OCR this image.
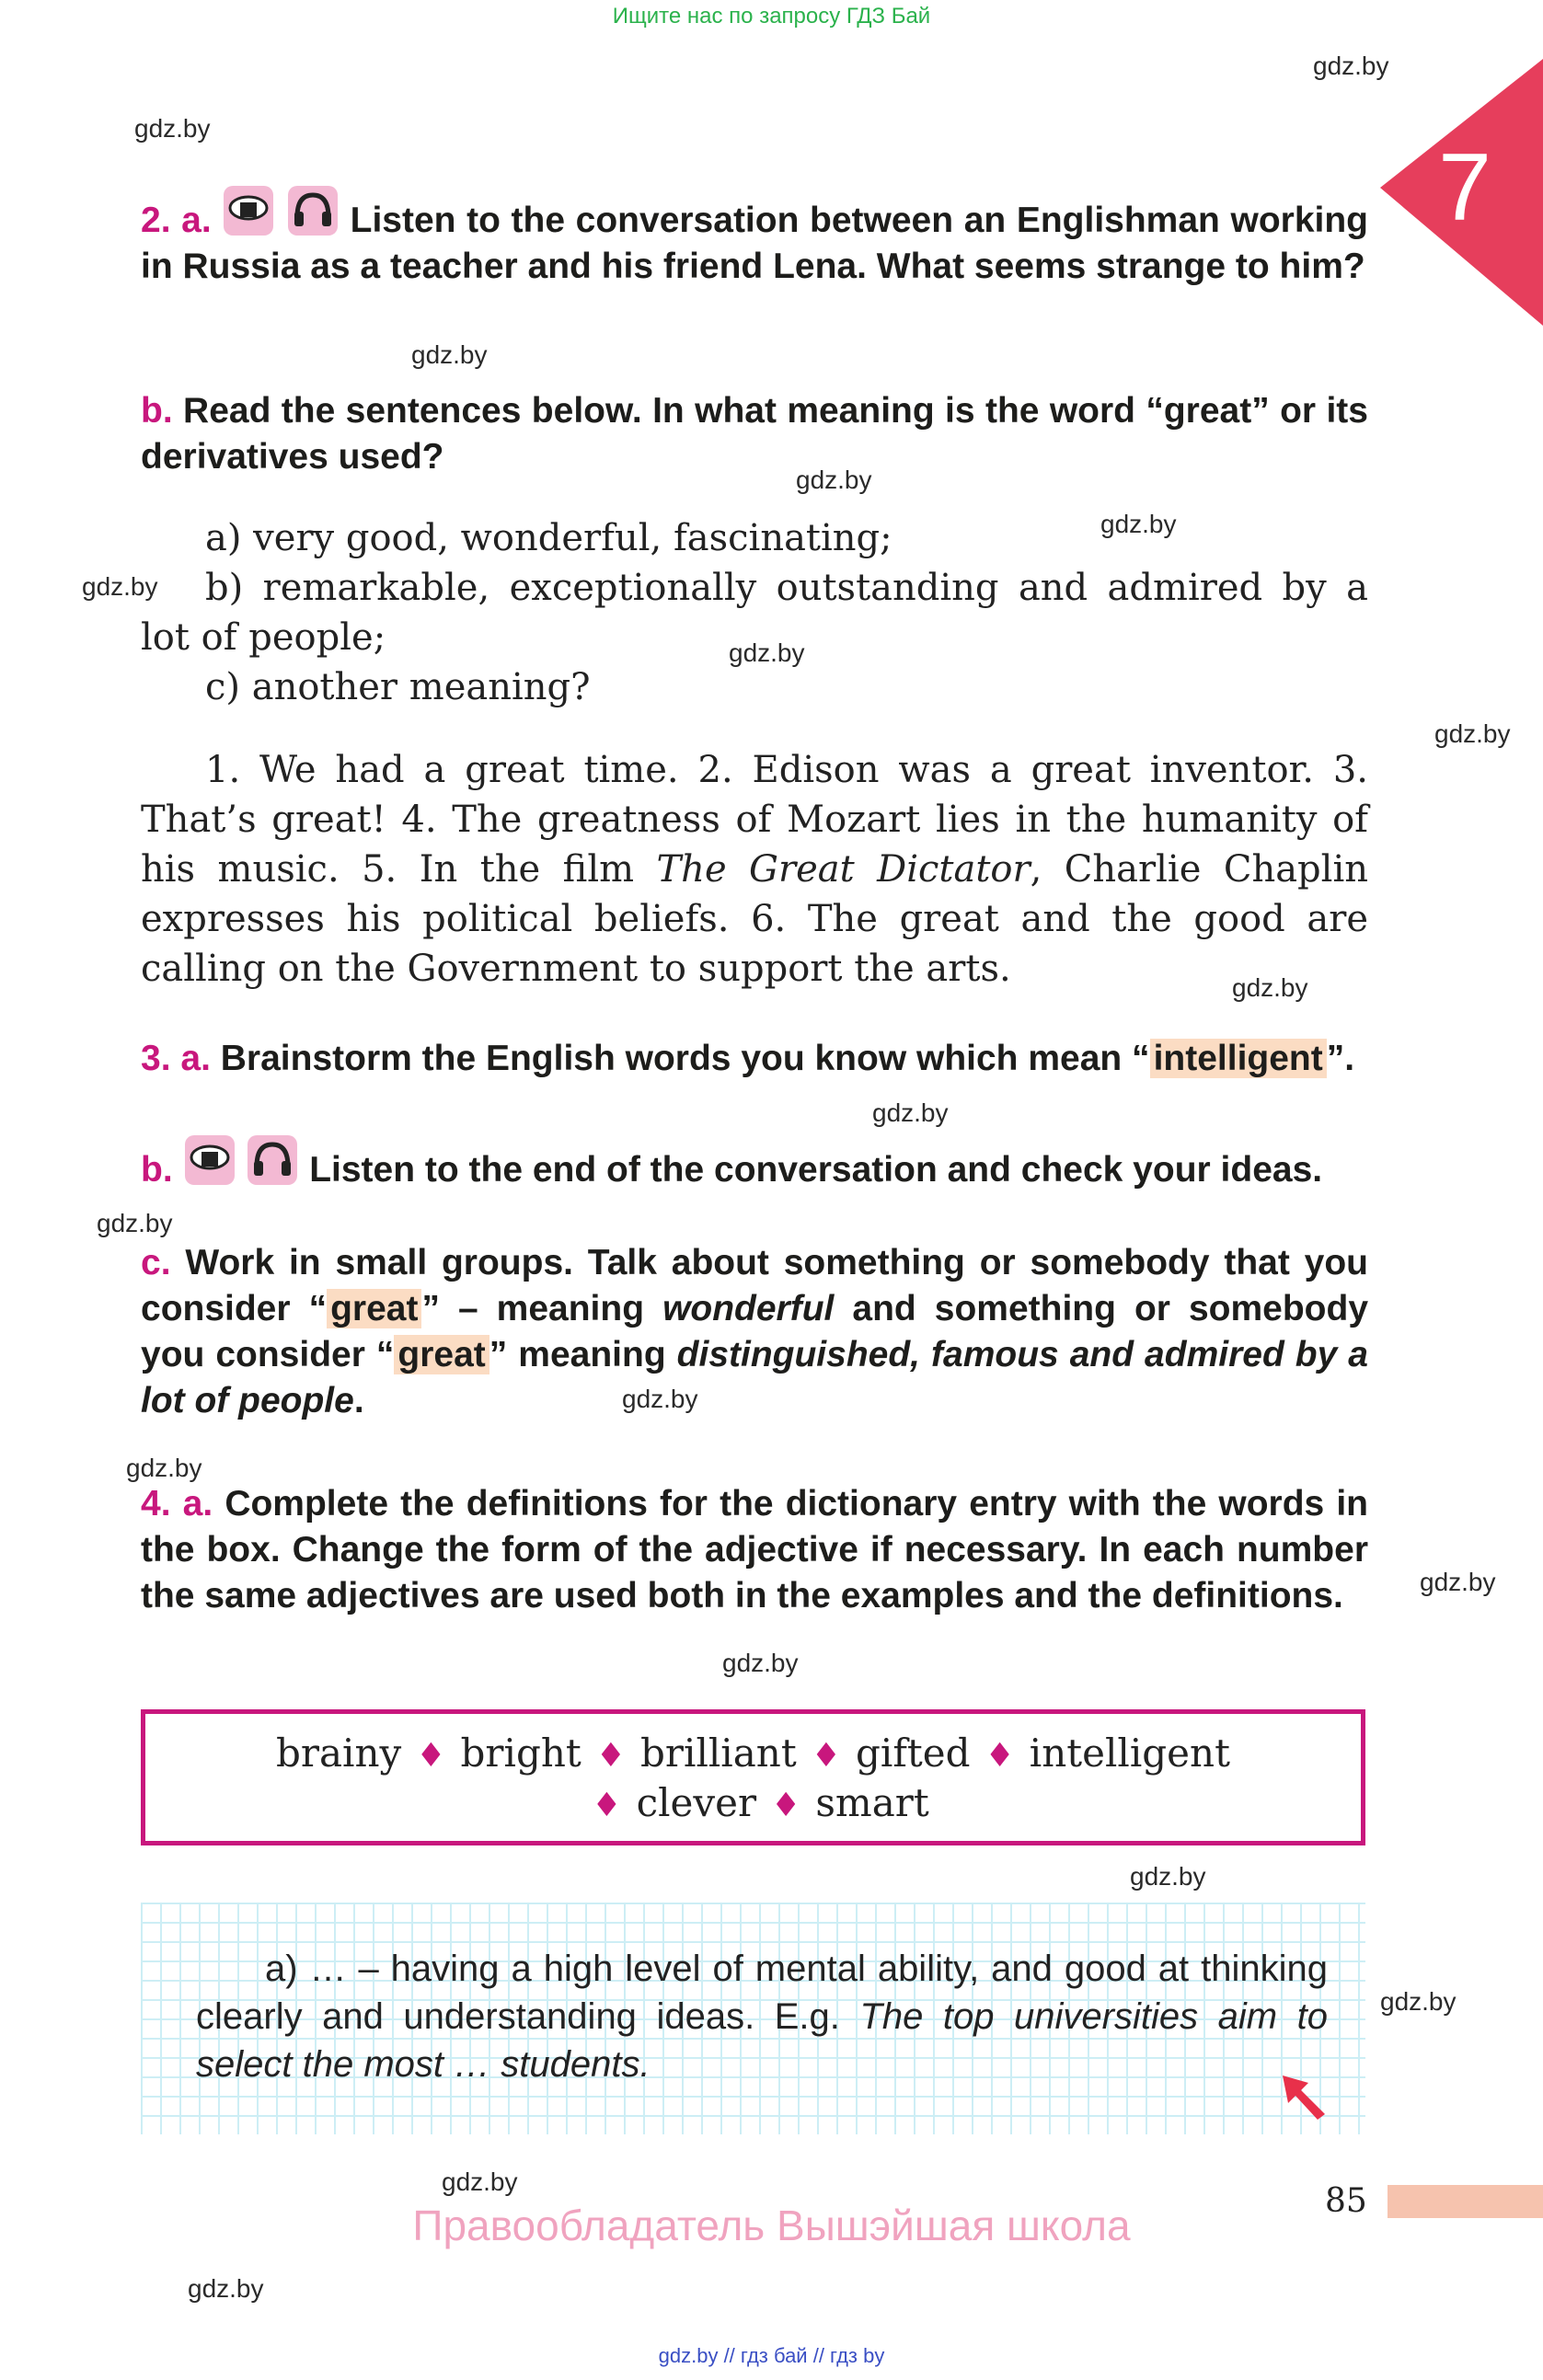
Ищите нас по запросу ГДЗ Бай
7
gdz.by
gdz.by
gdz.by
gdz.by
gdz.by
gdz.by
gdz.by
gdz.by
gdz.by
gdz.by
gdz.by
gdz.by
gdz.by
gdz.by
gdz.by
gdz.by
gdz.by
gdz.by
gdz.by
2. a.	Listen to the conversation between an Englishman working in Russia as a teacher and his friend Lena. What seems strange to him?
b. Read the sentences below. In what meaning is the word “great” or its derivatives used?
a) very good, wonderful, fascinating;
b) remarkable, exceptionally outstanding and admired by a lot of people;
c) another meaning?
1. We had a great time. 2. Edison was a great inventor. 3. That’s great! 4. The greatness of Mozart lies in the humanity of his music. 5. In the film The Great Dictator, Charlie Chaplin expresses his political beliefs. 6. The great and the good are calling on the Government to support the arts.
3. a. Brainstorm the English words you know which mean “ intelligent ”.
b.	Listen to the end of the conversation and check your ideas.
c. Work in small groups. Talk about something or somebody that you consider “ great ” – meaning wonderful and something or somebody you consider “ great ” meaning distinguished, famous and admired by a lot of people.
4. a. Complete the definitions for the dictionary entry with the words in the box. Change the form of the adjective if necessary. In each number the same adjectives are used both in the examples and the definitions.
brainy ♦ bright ♦ brilliant ♦ gifted ♦ intelligent
♦ clever ♦ smart
a) … – having a high level of mental ability, and good at thinking clearly and understanding ideas. E.g. The top universities aim to select the most … students.
85
Правообладатель Вышэйшая школа
gdz.by // гдз бай // гдз by
